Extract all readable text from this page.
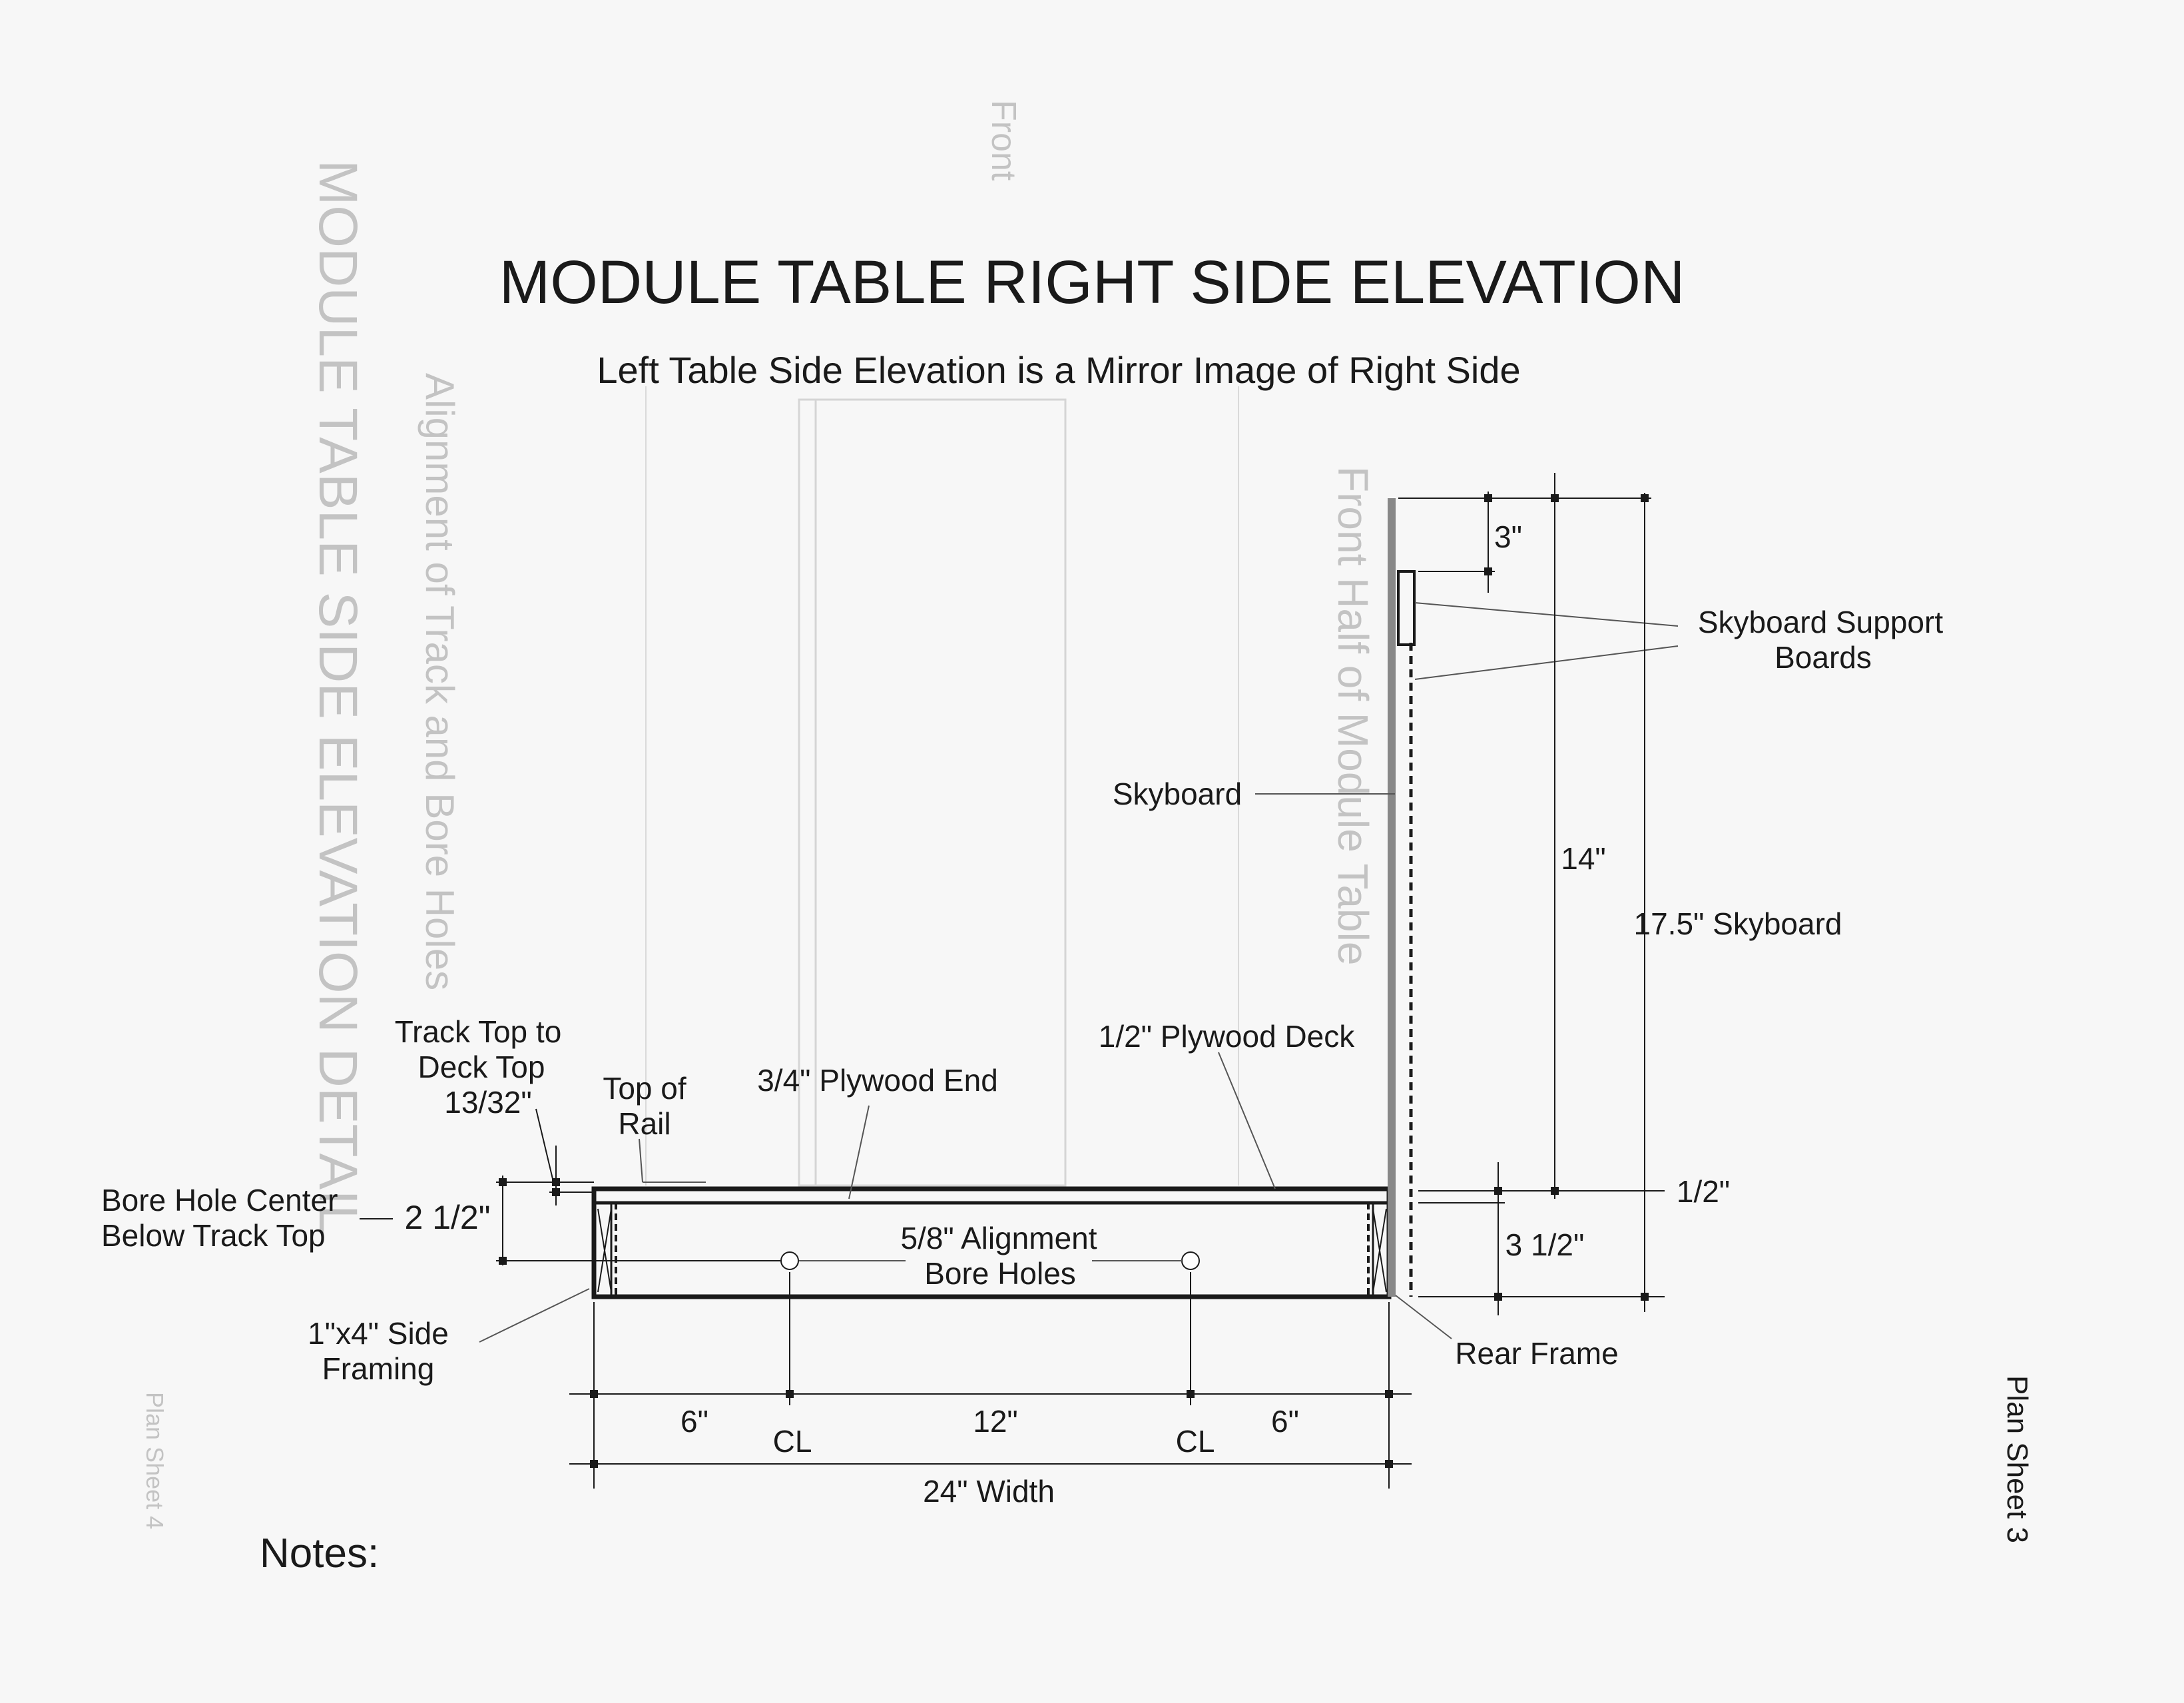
MODULE TABLE SIDE ELEVATION DETAIL Alignment of Track and Bore Holes	Front Half of Module Table
Front
Plan Sheet 4
MODULE TABLE RIGHT SIDE ELEVATION
Left Table Side Elevation is a Mirror Image of Right Side
Track Top to
Deck Top
13/32" Top of
Rail
3/4" Plywood End
1/2" Plywood Deck
Bore Hole Center
Below Track Top 2 1/2"
5/8" Alignment
Bore Holes
1"x4" Side
Framing	Rear Frame
Skyboard
Skyboard Support
Boards
3"
14"
17.5" Skyboard
1/2"
3 1/2"
6"	12"	6"
CL	CL
24" Width
Notes:
Plan Sheet 3
